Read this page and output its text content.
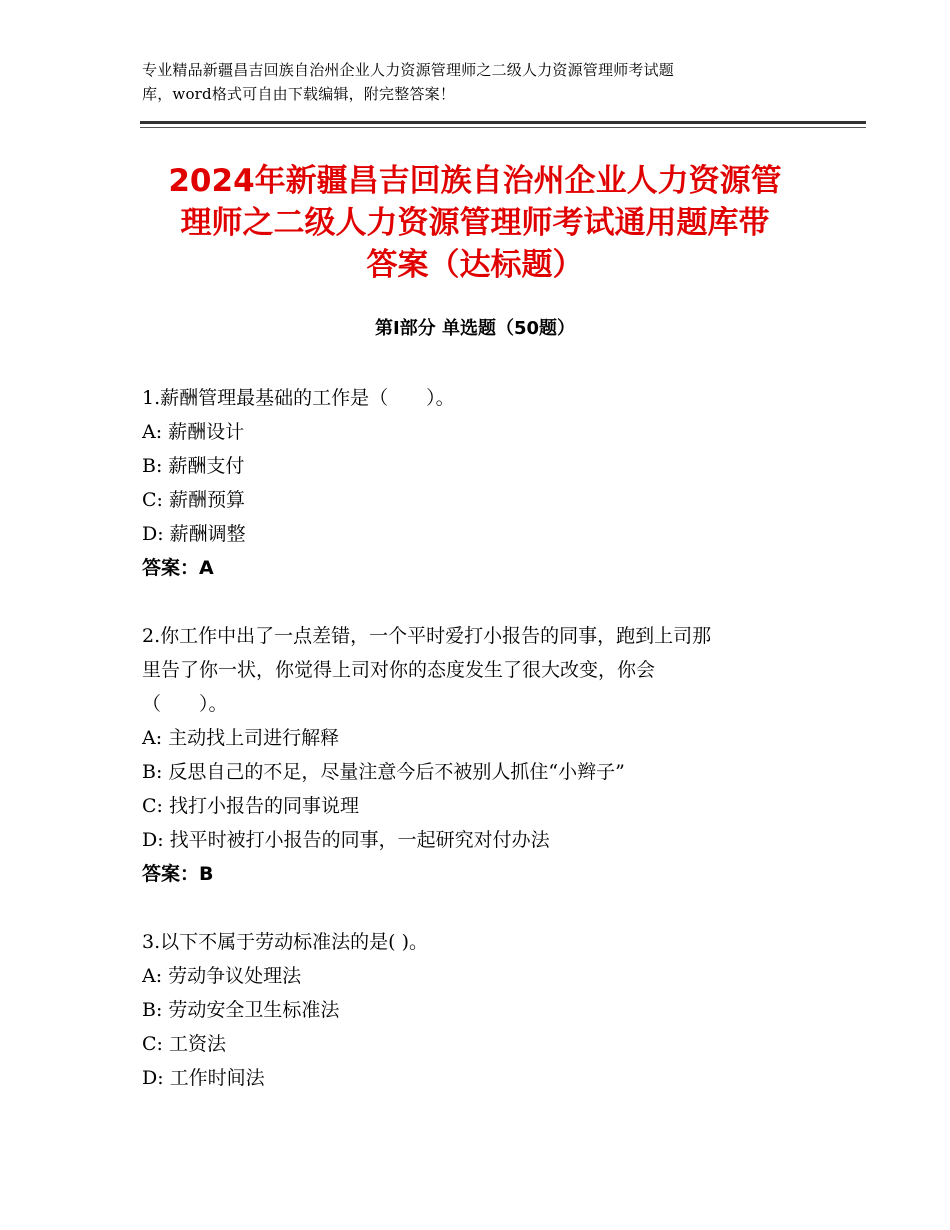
专业精品新疆昌吉回族自治州企业人力资源管理师之二级人力资源管理师考试题
库，word格式可自由下载编辑，附完整答案！
2024年新疆昌吉回族自治州企业人力资源管
理师之二级人力资源管理师考试通用题库带
答案（达标题）
第Ⅰ部分 单选题（50题）

1.薪酬管理最基础的工作是（　　）。

A: 薪酬设计

B: 薪酬支付

C: 薪酬预算

D: 薪酬调整

答案：A

2.你工作中出了一点差错，一个平时爱打小报告的同事，跑到上司那

里告了你一状，你觉得上司对你的态度发生了很大改变，你会

（　　）。

A: 主动找上司进行解释

B: 反思自己的不足，尽量注意今后不被别人抓住“小辫子”

C: 找打小报告的同事说理

D: 找平时被打小报告的同事，一起研究对付办法

答案：B

3.以下不属于劳动标准法的是( )。

A: 劳动争议处理法

B: 劳动安全卫生标准法

C: 工资法

D: 工作时间法
